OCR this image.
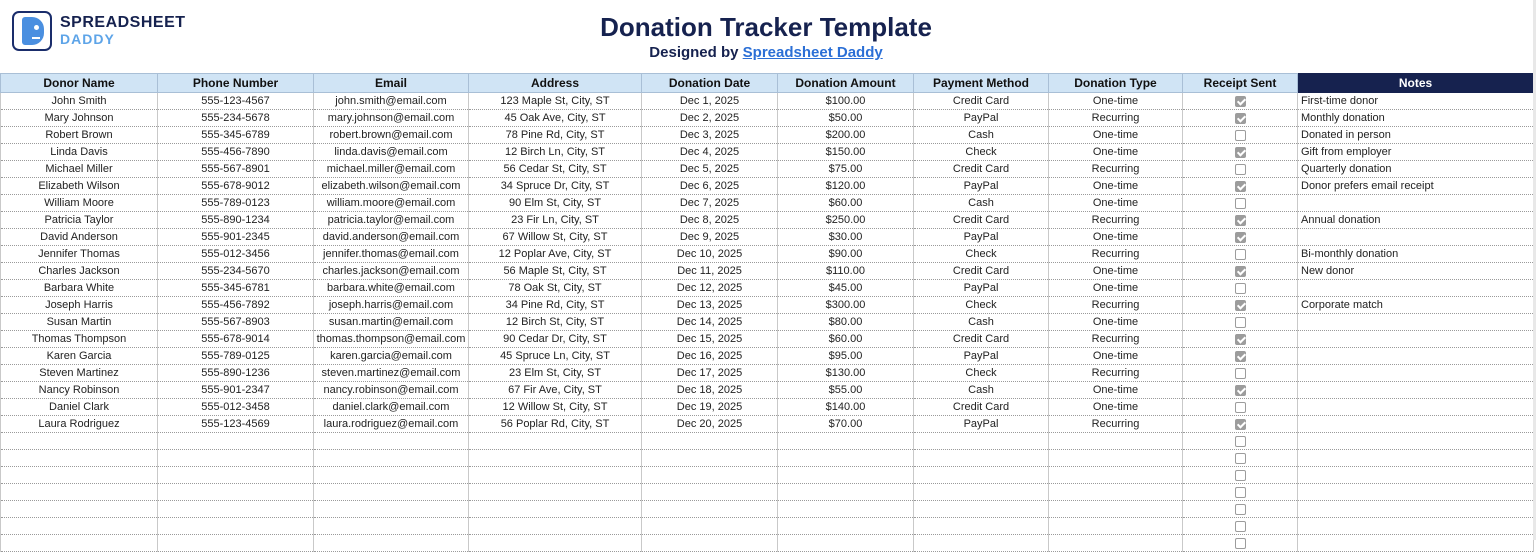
SPREADSHEET
DADDY	Donation Tracker Template
Designed by Spreadsheet Daddy
Donor Name	Phone Number	Email	Address	Donation Date	Donation Amount	Payment Method	Donation Type	Receipt Sent	Notes
John Smith	555-123-4567	john.smith@email.com	123 Maple St, City, ST	Dec 1, 2025	$100.00	Credit Card	One-time		First-time donor
Mary Johnson	555-234-5678	mary.johnson@email.com	45 Oak Ave, City, ST	Dec 2, 2025	$50.00	PayPal	Recurring		Monthly donation
Robert Brown	555-345-6789	robert.brown@email.com	78 Pine Rd, City, ST	Dec 3, 2025	$200.00	Cash	One-time		Donated in person
Linda Davis	555-456-7890	linda.davis@email.com	12 Birch Ln, City, ST	Dec 4, 2025	$150.00	Check	One-time		Gift from employer
Michael Miller	555-567-8901	michael.miller@email.com	56 Cedar St, City, ST	Dec 5, 2025	$75.00	Credit Card	Recurring		Quarterly donation
Elizabeth Wilson	555-678-9012	elizabeth.wilson@email.com	34 Spruce Dr, City, ST	Dec 6, 2025	$120.00	PayPal	One-time		Donor prefers email receipt
William Moore	555-789-0123	william.moore@email.com	90 Elm St, City, ST	Dec 7, 2025	$60.00	Cash	One-time		
Patricia Taylor	555-890-1234	patricia.taylor@email.com	23 Fir Ln, City, ST	Dec 8, 2025	$250.00	Credit Card	Recurring		Annual donation
David Anderson	555-901-2345	david.anderson@email.com	67 Willow St, City, ST	Dec 9, 2025	$30.00	PayPal	One-time		
Jennifer Thomas	555-012-3456	jennifer.thomas@email.com	12 Poplar Ave, City, ST	Dec 10, 2025	$90.00	Check	Recurring		Bi-monthly donation
Charles Jackson	555-234-5670	charles.jackson@email.com	56 Maple St, City, ST	Dec 11, 2025	$110.00	Credit Card	One-time		New donor
Barbara White	555-345-6781	barbara.white@email.com	78 Oak St, City, ST	Dec 12, 2025	$45.00	PayPal	One-time		
Joseph Harris	555-456-7892	joseph.harris@email.com	34 Pine Rd, City, ST	Dec 13, 2025	$300.00	Check	Recurring		Corporate match
Susan Martin	555-567-8903	susan.martin@email.com	12 Birch St, City, ST	Dec 14, 2025	$80.00	Cash	One-time		
Thomas Thompson	555-678-9014	thomas.thompson@email.com	90 Cedar Dr, City, ST	Dec 15, 2025	$60.00	Credit Card	Recurring		
Karen Garcia	555-789-0125	karen.garcia@email.com	45 Spruce Ln, City, ST	Dec 16, 2025	$95.00	PayPal	One-time		
Steven Martinez	555-890-1236	steven.martinez@email.com	23 Elm St, City, ST	Dec 17, 2025	$130.00	Check	Recurring		
Nancy Robinson	555-901-2347	nancy.robinson@email.com	67 Fir Ave, City, ST	Dec 18, 2025	$55.00	Cash	One-time		
Daniel Clark	555-012-3458	daniel.clark@email.com	12 Willow St, City, ST	Dec 19, 2025	$140.00	Credit Card	One-time		
Laura Rodriguez	555-123-4569	laura.rodriguez@email.com	56 Poplar Rd, City, ST	Dec 20, 2025	$70.00	PayPal	Recurring		
